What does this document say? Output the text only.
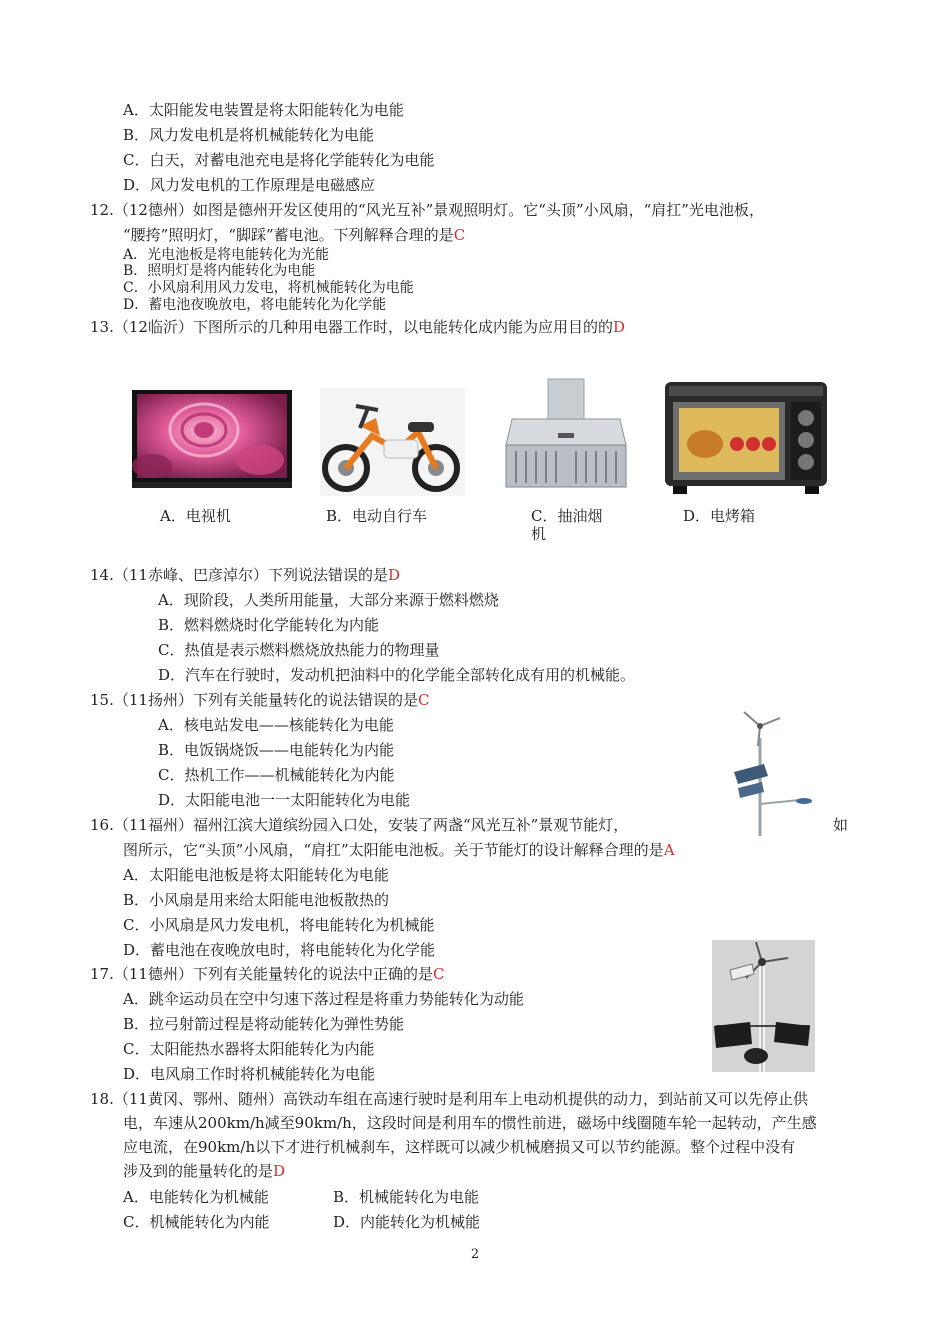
A．太阳能发电装置是将太阳能转化为电能
B．风力发电机是将机械能转化为电能
C．白天，对蓄电池充电是将化学能转化为电能
D．风力发电机的工作原理是电磁感应
12.（12德州）如图是德州开发区使用的“风光互补”景观照明灯。它“头顶”小风扇，“肩扛”光电池板，
“腰挎”照明灯，“脚踩”蓄电池。下列解释合理的是C
A．光电池板是将电能转化为光能
B．照明灯是将内能转化为电能
C．小风扇利用风力发电，将机械能转化为电能
D．蓄电池夜晚放电，将电能转化为化学能
13.（12临沂）下图所示的几种用电器工作时，以电能转化成内能为应用目的的D
A．电视机	B．电动自行车	C．抽油烟
机
D．电烤箱
14.（11赤峰、巴彦淖尔）下列说法错误的是D
A．现阶段，人类所用能量，大部分来源于燃料燃烧
B．燃料燃烧时化学能转化为内能
C．热值是表示燃料燃烧放热能力的物理量
D．汽车在行驶时，发动机把油料中的化学能全部转化成有用的机械能。
15.（11扬州）下列有关能量转化的说法错误的是C
A．核电站发电——核能转化为电能
B．电饭锅烧饭——电能转化为内能
C．热机工作——机械能转化为内能
D．太阳能电池一一太阳能转化为电能
16.（11福州）福州江滨大道缤纷园入口处，安装了两盏“风光互补”景观节能灯，	如
图所示，它“头顶”小风扇，“肩扛”太阳能电池板。关于节能灯的设计解释合理的是A
A．太阳能电池板是将太阳能转化为电能
B．小风扇是用来给太阳能电池板散热的
C．小风扇是风力发电机，将电能转化为机械能
D．蓄电池在夜晚放电时，将电能转化为化学能
17.（11德州）下列有关能量转化的说法中正确的是C
A．跳伞运动员在空中匀速下落过程是将重力势能转化为动能
B．拉弓射箭过程是将动能转化为弹性势能
C．太阳能热水器将太阳能转化为内能
D．电风扇工作时将机械能转化为电能
18.（11黄冈、鄂州、随州）高铁动车组在高速行驶时是利用车上电动机提供的动力，到站前又可以先停止供
电，车速从200km/h减至90km/h，这段时间是利用车的惯性前进，磁场中线圈随车轮一起转动，产生感
应电流，在90km/h以下才进行机械刹车，这样既可以减少机械磨损又可以节约能源。整个过程中没有
涉及到的能量转化的是D
A．电能转化为机械能	B．机械能转化为电能
C．机械能转化为内能	D．内能转化为机械能
2
